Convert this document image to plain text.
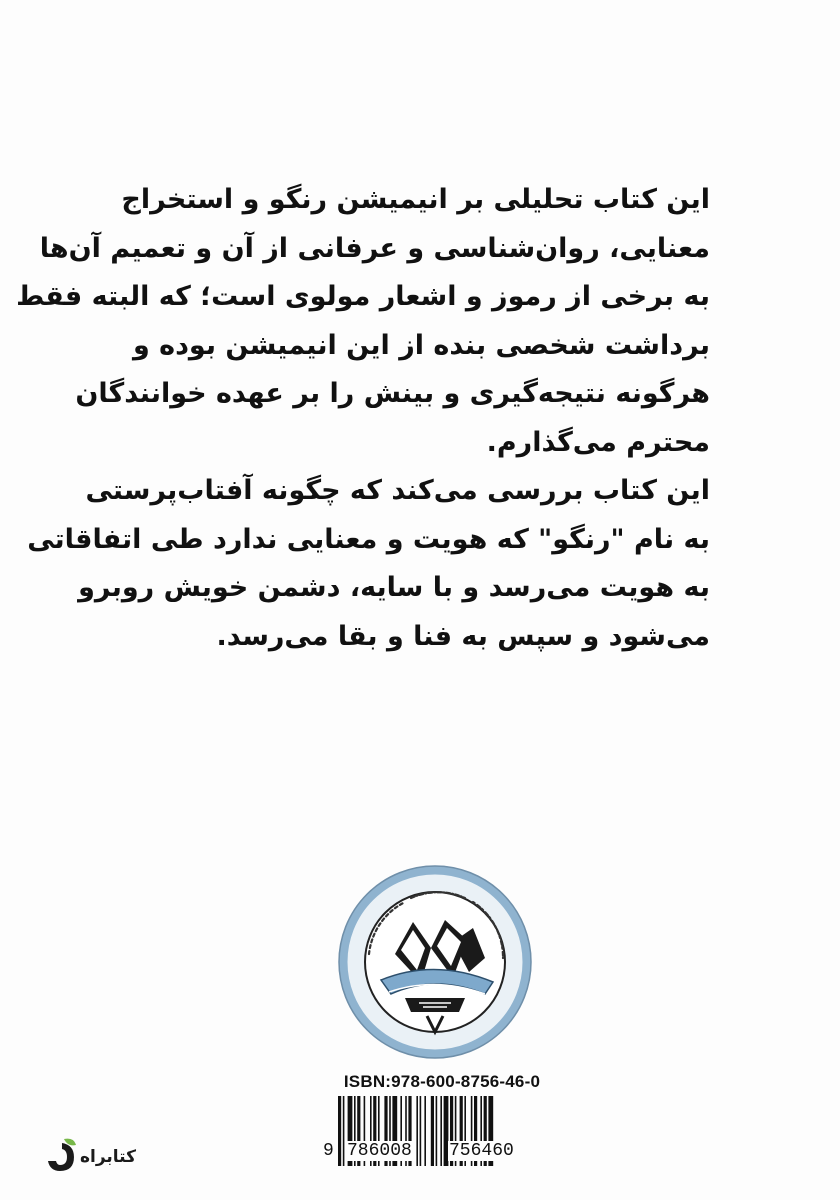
این کتاب تحلیلی بر انیمیشن رنگو و استخراج

معنایی، روان‌شناسی و عرفانی از آن و تعمیم آن‌ها

به برخی از رموز و اشعار مولوی است؛ که البته فقط

برداشت شخصی بنده از این انیمیشن بوده و

هرگونه نتیجه‌گیری و بینش را بر عهده خوانندگان

محترم می‌گذارم.

این کتاب بررسی می‌کند که چگونه آفتاب‌پرستی

به نام "رنگو" که هویت و معنایی ندارد طی اتفاقاتی

به هویت می‌رسد و با سایه، دشمن خویش روبرو

می‌شود و سپس به فنا و بقا می‌رسد.

ISBN:978-600-8756-46-0
9 786008 756460
کتابراه
